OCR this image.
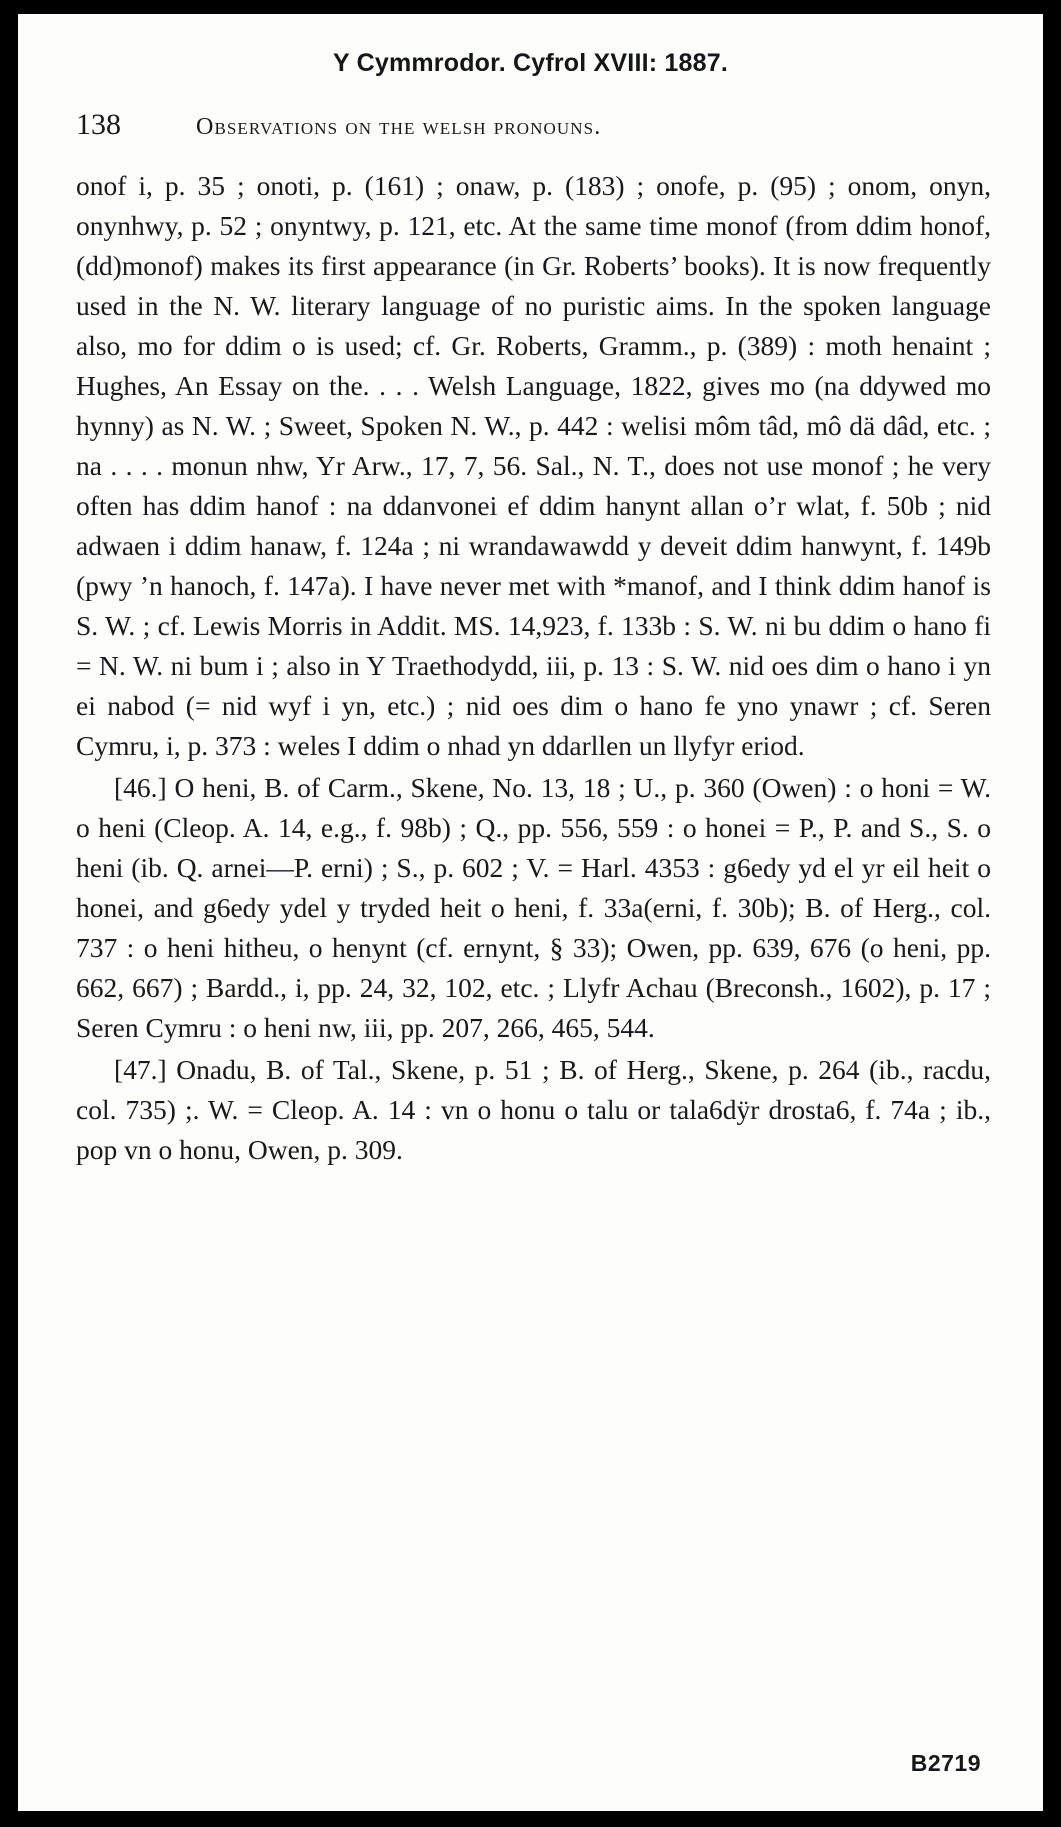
Y Cymmrodor. Cyfrol XVIII: 1887.
138	observations on the welsh pronouns.

onof i, p. 35 ; onoti, p. (161) ; onaw, p. (183) ; onofe, p. (95) ; onom, onyn, onynhwy, p. 52 ; onyntwy, p. 121, etc. At the same time monof (from ddim honof, (dd)monof) makes its first appearance (in Gr. Roberts’ books). It is now frequently used in the N. W. literary language of no puristic aims. In the spoken language also, mo for ddim o is used; cf. Gr. Roberts, Gramm., p. (389) : moth henaint ; Hughes, An Essay on the. . . . Welsh Language, 1822, gives mo (na ddywed mo hynny) as N. W. ; Sweet, Spoken N. W., p. 442 : welisi môm tâd, mô dä dâd, etc. ; na . . . . monun nhw, Yr Arw., 17, 7, 56. Sal., N. T., does not use monof ; he very often has ddim hanof : na ddanvonei ef ddim hanynt allan o’r wlat, f. 50b ; nid adwaen i ddim hanaw, f. 124a ; ni wrandawawdd y deveit ddim hanwynt, f. 149b (pwy ’n hanoch, f. 147a). I have never met with *manof, and I think ddim hanof is S. W. ; cf. Lewis Morris in Addit. MS. 14,923, f. 133b : S. W. ni bu ddim o hano fi = N. W. ni bum i ; also in Y Traethodydd, iii, p. 13 : S. W. nid oes dim o hano i yn ei nabod (= nid wyf i yn, etc.) ; nid oes dim o hano fe yno ynawr ; cf. Seren Cymru, i, p. 373 : weles I ddim o nhad yn ddarllen un llyfyr eriod.

[46.] O heni, B. of Carm., Skene, No. 13, 18 ; U., p. 360 (Owen) : o honi = W. o heni (Cleop. A. 14, e.g., f. 98b) ; Q., pp. 556, 559 : o honei = P., P. and S., S. o heni (ib. Q. arnei—P. erni) ; S., p. 602 ; V. = Harl. 4353 : g6edy yd el yr eil heit o honei, and g6edy ydel y tryded heit o heni, f. 33a(erni, f. 30b); B. of Herg., col. 737 : o heni hitheu, o henynt (cf. ernynt, § 33); Owen, pp. 639, 676 (o heni, pp. 662, 667) ; Bardd., i, pp. 24, 32, 102, etc. ; Llyfr Achau (Breconsh., 1602), p. 17 ; Seren Cymru : o heni nw, iii, pp. 207, 266, 465, 544.

[47.] Onadu, B. of Tal., Skene, p. 51 ; B. of Herg., Skene, p. 264 (ib., racdu, col. 735) ;. W. = Cleop. A. 14 : vn o honu o talu or tala6dÿr drosta6, f. 74a ; ib., pop vn o honu, Owen, p. 309.

B2719
